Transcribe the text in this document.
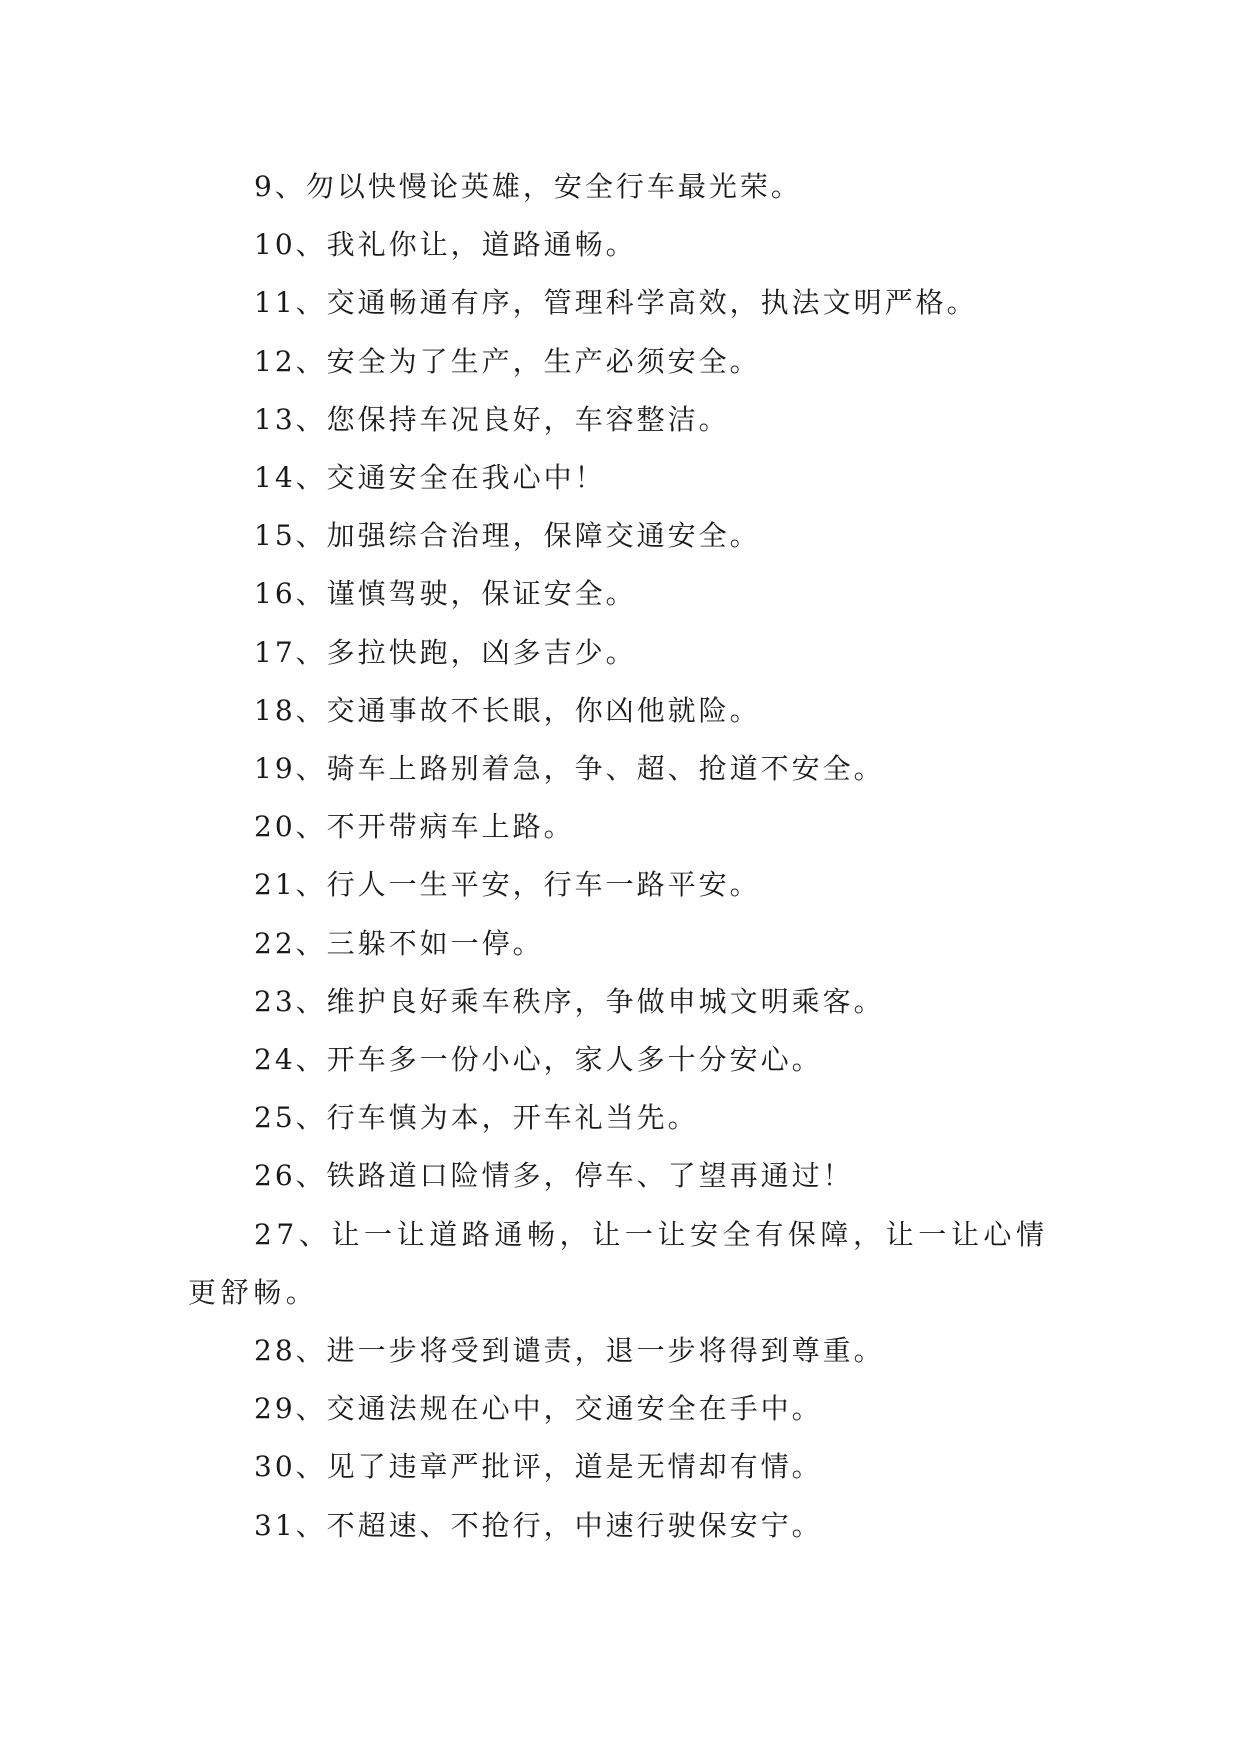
9、勿以快慢论英雄，安全行车最光荣。

10、我礼你让，道路通畅。

11、交通畅通有序，管理科学高效，执法文明严格。

12、安全为了生产，生产必须安全。

13、您保持车况良好，车容整洁。

14、交通安全在我心中！

15、加强综合治理，保障交通安全。

16、谨慎驾驶，保证安全。

17、多拉快跑，凶多吉少。

18、交通事故不长眼，你凶他就险。

19、骑车上路别着急，争、超、抢道不安全。

20、不开带病车上路。

21、行人一生平安，行车一路平安。

22、三躲不如一停。

23、维护良好乘车秩序，争做申城文明乘客。

24、开车多一份小心，家人多十分安心。

25、行车慎为本，开车礼当先。

26、铁路道口险情多，停车、了望再通过！

27、让一让道路通畅，让一让安全有保障，让一让心情更舒畅。

28、进一步将受到谴责，退一步将得到尊重。

29、交通法规在心中，交通安全在手中。

30、见了违章严批评，道是无情却有情。

31、不超速、不抢行，中速行驶保安宁。
